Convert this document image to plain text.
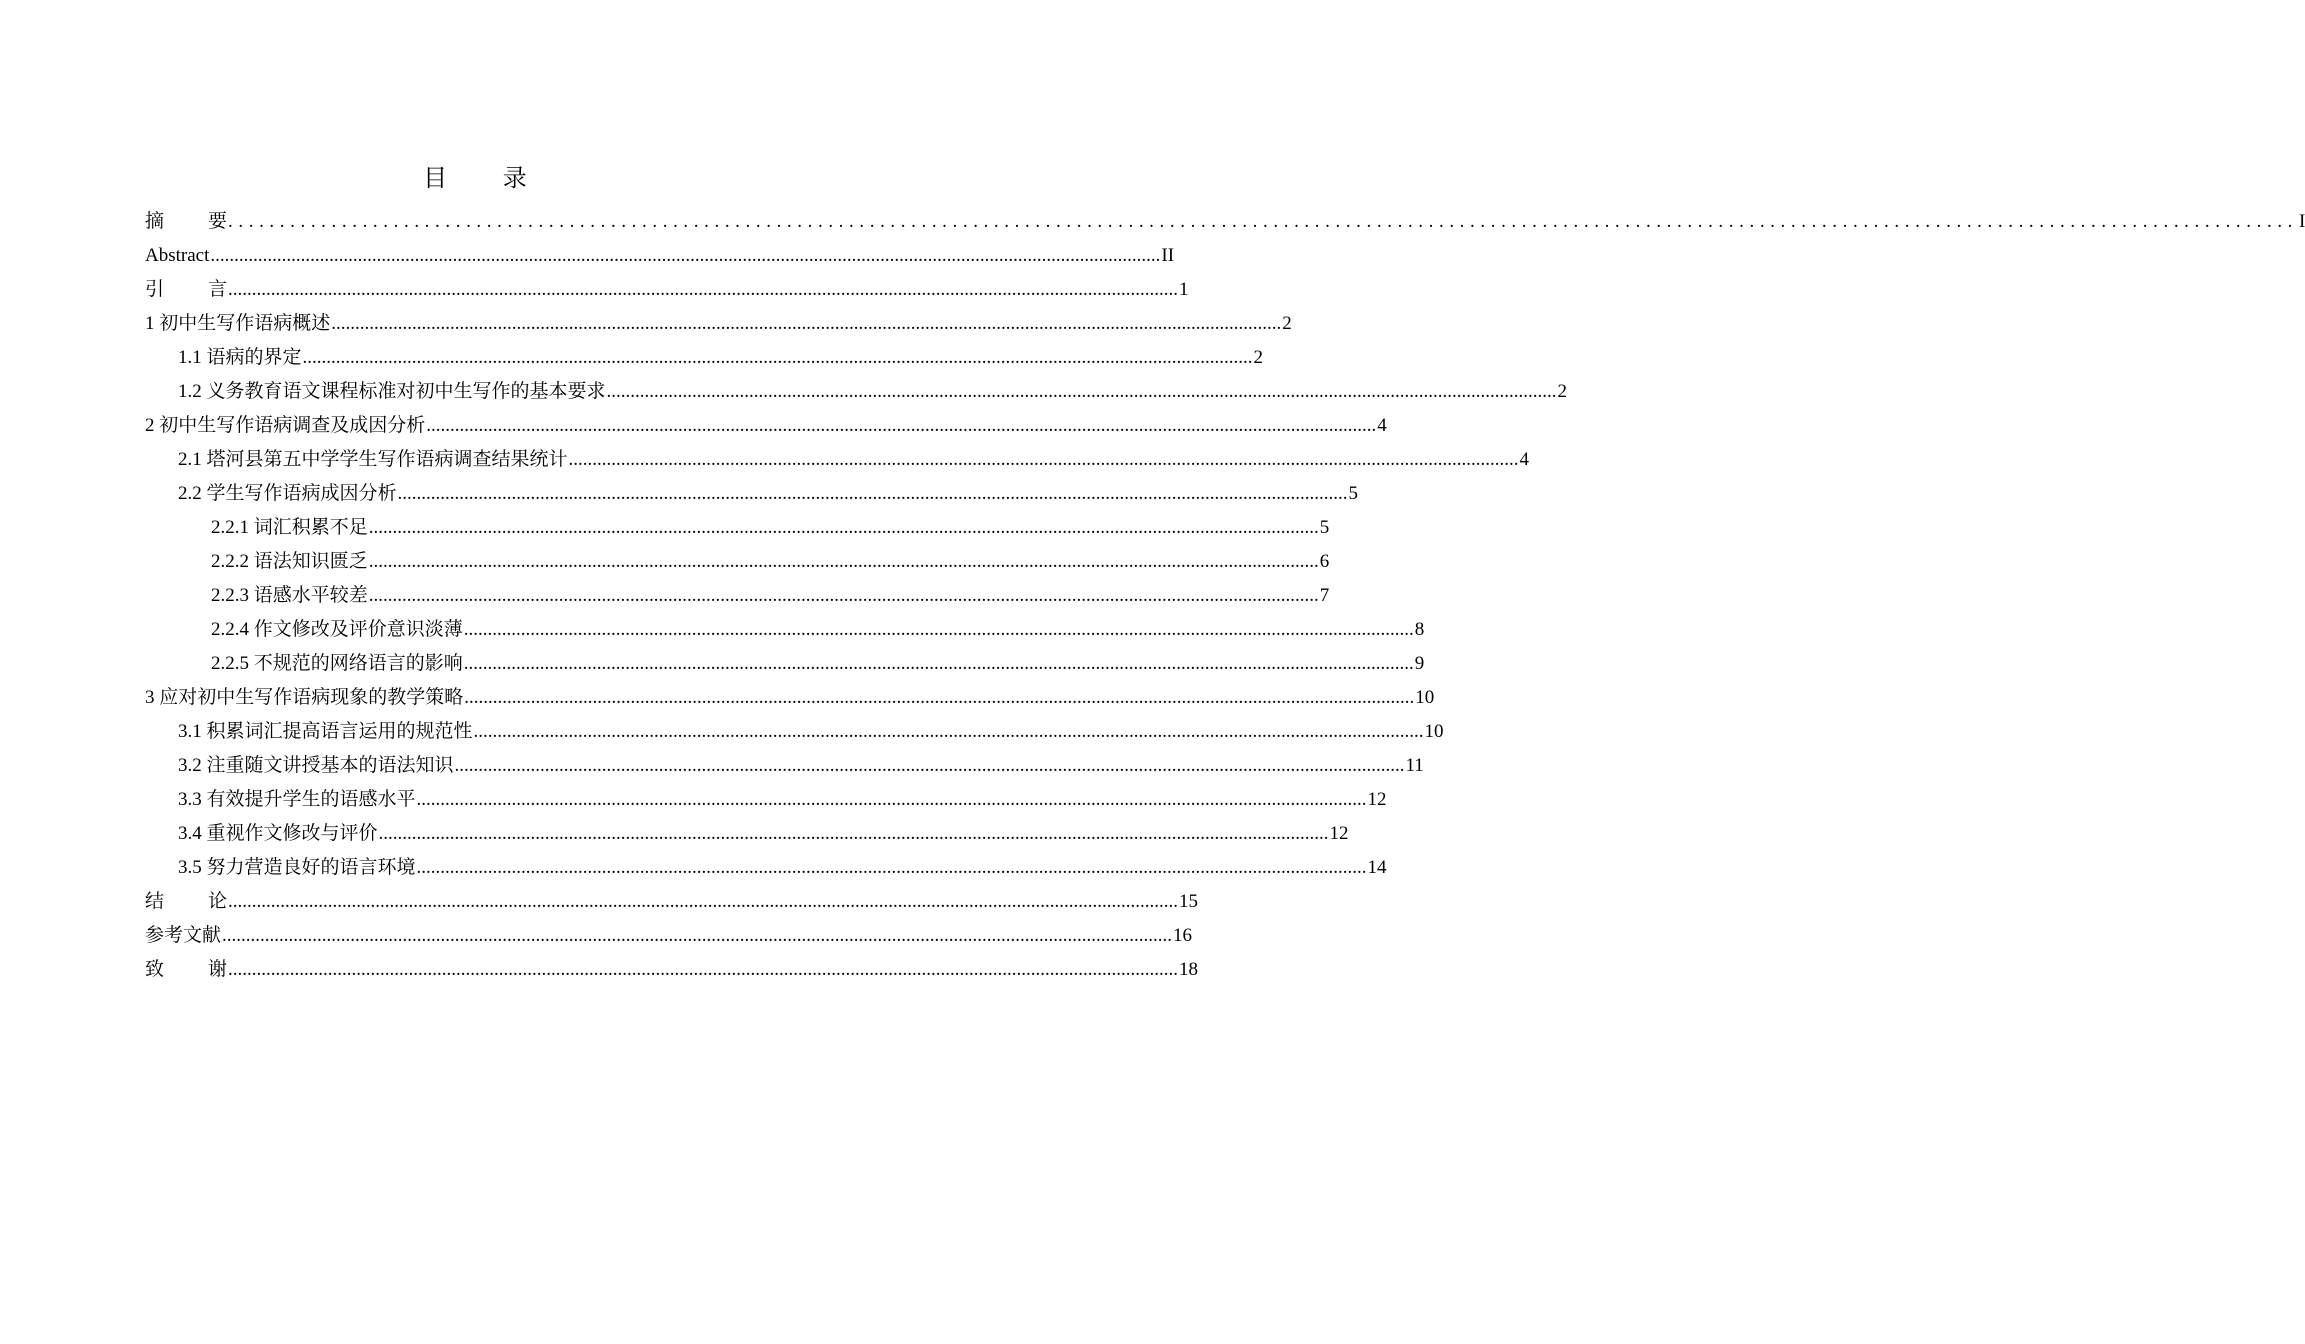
目 录
摘要 ........................................................................................................................................................................................................ I
Abstract ........................................................................................................................................................................................................ II
引言 ........................................................................................................................................................................................................ 1
1 初中生写作语病概述 ........................................................................................................................................................................................................ 2
1.1 语病的界定 ........................................................................................................................................................................................................ 2
1.2 义务教育语文课程标准对初中生写作的基本要求 ........................................................................................................................................................................................................ 2
2 初中生写作语病调查及成因分析 ........................................................................................................................................................................................................ 4
2.1 塔河县第五中学学生写作语病调查结果统计 ........................................................................................................................................................................................................ 4
2.2 学生写作语病成因分析 ........................................................................................................................................................................................................ 5
2.2.1 词汇积累不足 ........................................................................................................................................................................................................ 5
2.2.2 语法知识匮乏 ........................................................................................................................................................................................................ 6
2.2.3 语感水平较差 ........................................................................................................................................................................................................ 7
2.2.4 作文修改及评价意识淡薄 ........................................................................................................................................................................................................ 8
2.2.5 不规范的网络语言的影响 ........................................................................................................................................................................................................ 9
3 应对初中生写作语病现象的教学策略 ........................................................................................................................................................................................................ 10
3.1 积累词汇提高语言运用的规范性 ........................................................................................................................................................................................................ 10
3.2 注重随文讲授基本的语法知识 ........................................................................................................................................................................................................ 11
3.3 有效提升学生的语感水平 ........................................................................................................................................................................................................ 12
3.4 重视作文修改与评价 ........................................................................................................................................................................................................ 12
3.5 努力营造良好的语言环境 ........................................................................................................................................................................................................ 14
结论 ........................................................................................................................................................................................................ 15
参考文献 ........................................................................................................................................................................................................ 16
致谢 ........................................................................................................................................................................................................ 18
